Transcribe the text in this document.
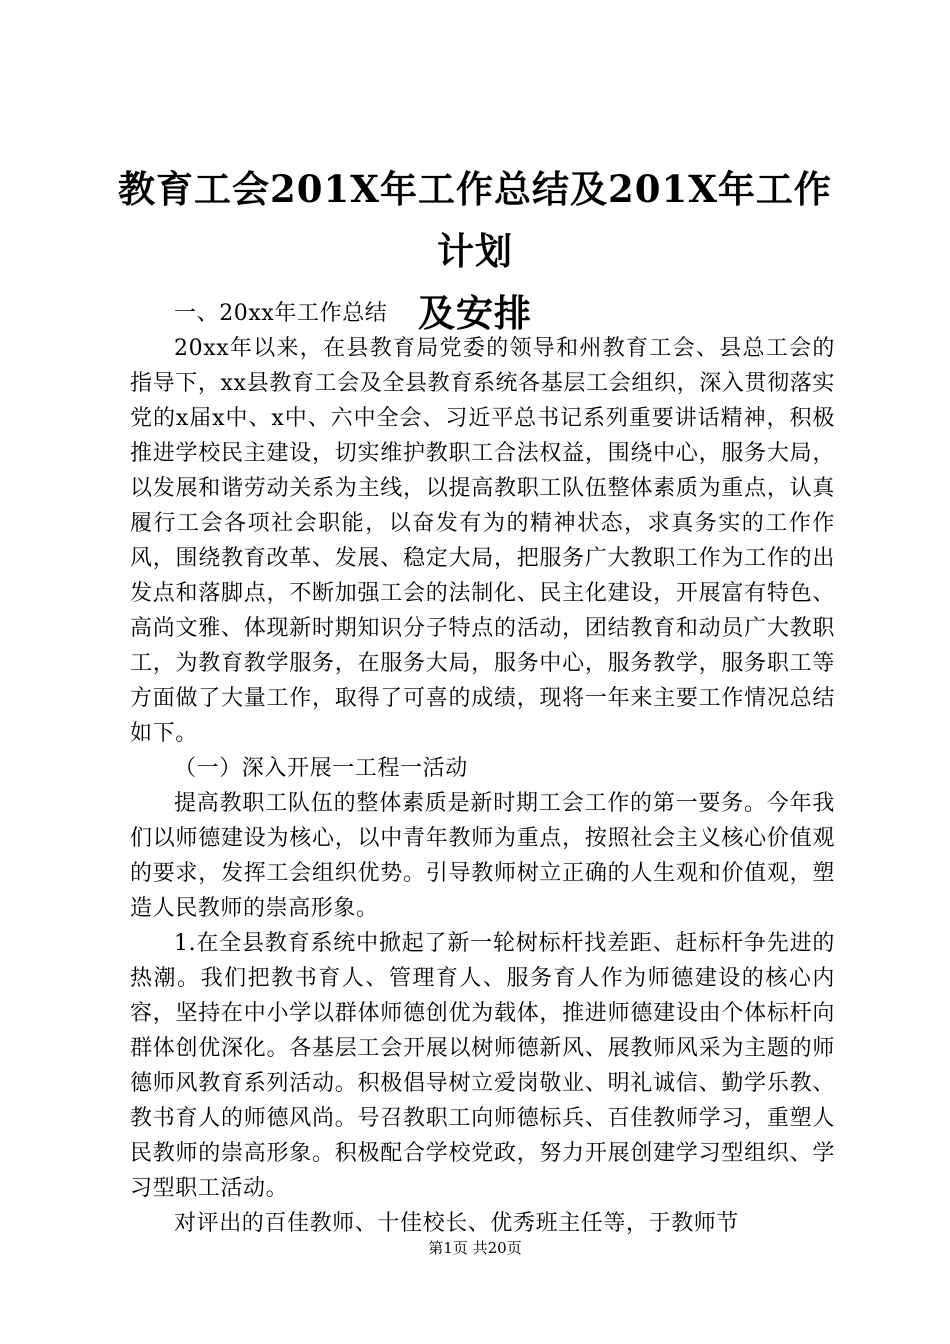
教育工会201X年工作总结及201X年工作计划
及安排

一、20xx年工作总结

20xx年以来，在县教育局党委的领导和州教育工会、县总工会的指导下，xx县教育工会及全县教育系统各基层工会组织，深入贯彻落实党的x届x中、x中、六中全会、习近平总书记系列重要讲话精神，积极推进学校民主建设，切实维护教职工合法权益，围绕中心，服务大局，以发展和谐劳动关系为主线，以提高教职工队伍整体素质为重点，认真履行工会各项社会职能，以奋发有为的精神状态，求真务实的工作作风，围绕教育改革、发展、稳定大局，把服务广大教职工作为工作的出发点和落脚点，不断加强工会的法制化、民主化建设，开展富有特色、高尚文雅、体现新时期知识分子特点的活动，团结教育和动员广大教职工，为教育教学服务，在服务大局，服务中心，服务教学，服务职工等方面做了大量工作，取得了可喜的成绩，现将一年来主要工作情况总结如下。

（一）深入开展一工程一活动

提高教职工队伍的整体素质是新时期工会工作的第一要务。今年我们以师德建设为核心，以中青年教师为重点，按照社会主义核心价值观的要求，发挥工会组织优势。引导教师树立正确的人生观和价值观，塑造人民教师的崇高形象。

1.在全县教育系统中掀起了新一轮树标杆找差距、赶标杆争先进的热潮。我们把教书育人、管理育人、服务育人作为师德建设的核心内容，坚持在中小学以群体师德创优为载体，推进师德建设由个体标杆向群体创优深化。各基层工会开展以树师德新风、展教师风采为主题的师德师风教育系列活动。积极倡导树立爱岗敬业、明礼诚信、勤学乐教、教书育人的师德风尚。号召教职工向师德标兵、百佳教师学习，重塑人民教师的崇高形象。积极配合学校党政，努力开展创建学习型组织、学习型职工活动。

对评出的百佳教师、十佳校长、优秀班主任等，于教师节

第1页 共20页
